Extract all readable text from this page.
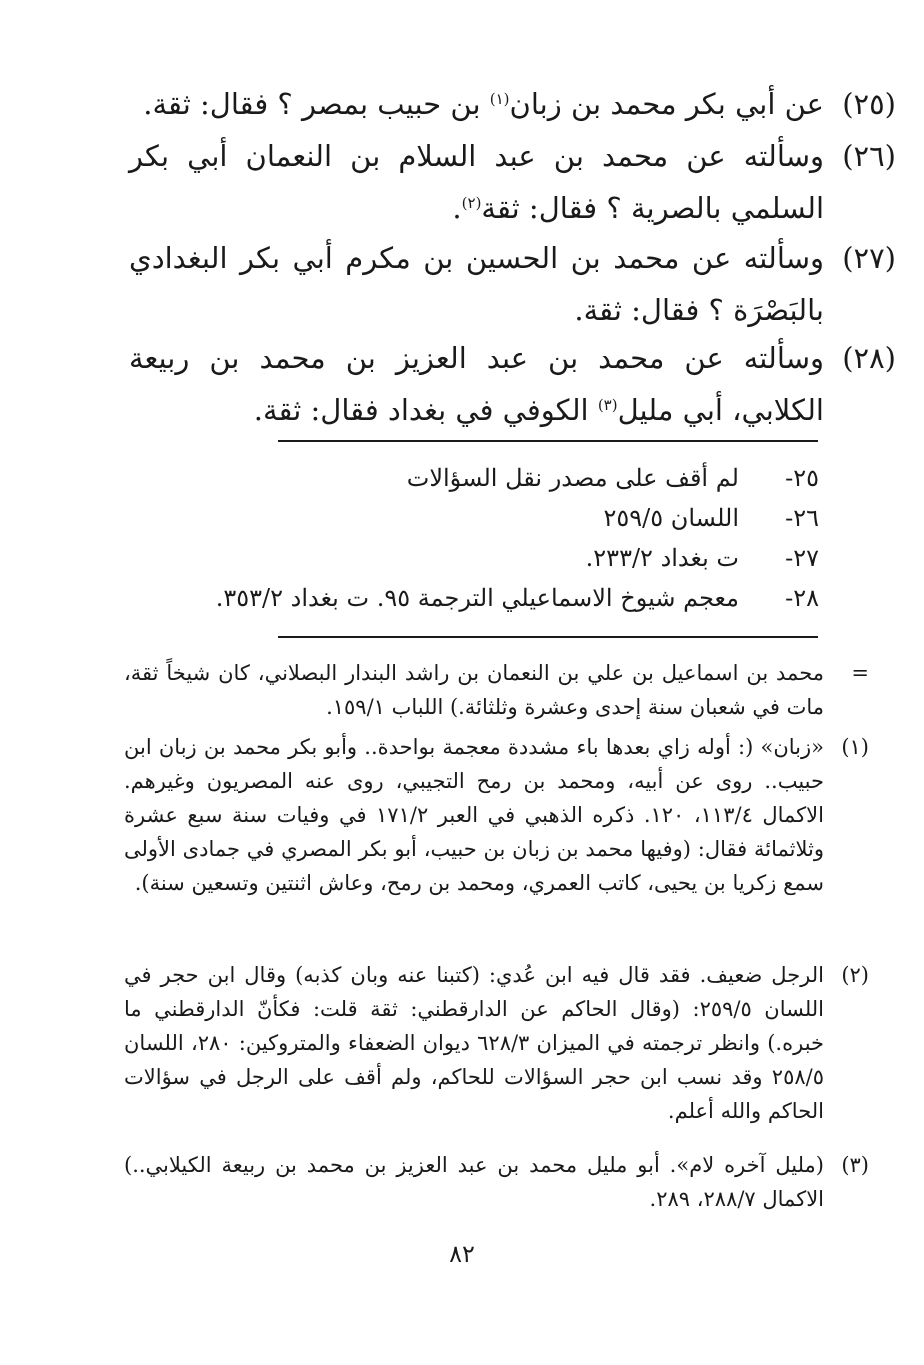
(٢٥)
عن أبي بكر محمد بن زبان$^{(١)}$ بن حبيب بمصر ؟ فقال: ثقة.
(٢٦)
وسألته عن محمد بن عبد السلام بن النعمان أبي بكر السلمي بالصرية ؟ فقال: ثقة$^{(٢)}$.
(٢٧)
وسألته عن محمد بن الحسين بن مكرم أبي بكر البغدادي بالبَصْرَة ؟ فقال: ثقة.
(٢٨)
وسألته عن محمد بن عبد العزيز بن محمد بن ربيعة الكلابي، أبي مليل$^{(٣)}$ الكوفي في بغداد فقال: ثقة.
٢٥-
لم أقف على مصدر نقل السؤالات
٢٦-
اللسان ٢٥٩/٥
٢٧-
ت بغداد ٢٣٣/٢.
٢٨-
معجم شيوخ الاسماعيلي الترجمة ٩٥. ت بغداد ٣٥٣/٢.
=
محمد بن اسماعيل بن علي بن النعمان بن راشد البندار البصلاني، كان شيخاً ثقة، مات في شعبان سنة إحدى وعشرة وثلثائة.) اللباب ١٥٩/١.
(١)
«زبان» (: أوله زاي بعدها باء مشددة معجمة بواحدة.. وأبو بكر محمد بن زبان ابن حبيب.. روى عن أبيه، ومحمد بن رمح التجيبي، روى عنه المصريون وغيرهم. الاكمال ١١٣/٤، ١٢٠. ذكره الذهبي في العبر ١٧١/٢ في وفيات سنة سبع عشرة وثلاثمائة فقال: (وفيها محمد بن زبان بن حبيب، أبو بكر المصري في جمادى الأولى سمع زكريا بن يحيى، كاتب العمري، ومحمد بن رمح، وعاش اثنتين وتسعين سنة).
(٢)
الرجل ضعيف. فقد قال فيه ابن عُدي: (كتبنا عنه وبان كذبه) وقال ابن حجر في اللسان ٢٥٩/٥: (وقال الحاكم عن الدارقطني: ثقة قلت: فكأنّ الدارقطني ما خبره.) وانظر ترجمته في الميزان ٦٢٨/٣ ديوان الضعفاء والمتروكين: ٢٨٠، اللسان ٢٥٨/٥ وقد نسب ابن حجر السؤالات للحاكم، ولم أقف على الرجل في سؤالات الحاكم والله أعلم.
(٣)
(مليل آخره لام». أبو مليل محمد بن عبد العزيز بن محمد بن ربيعة الكيلابي..) الاكمال ٢٨٨/٧، ٢٨٩.
٨٢
